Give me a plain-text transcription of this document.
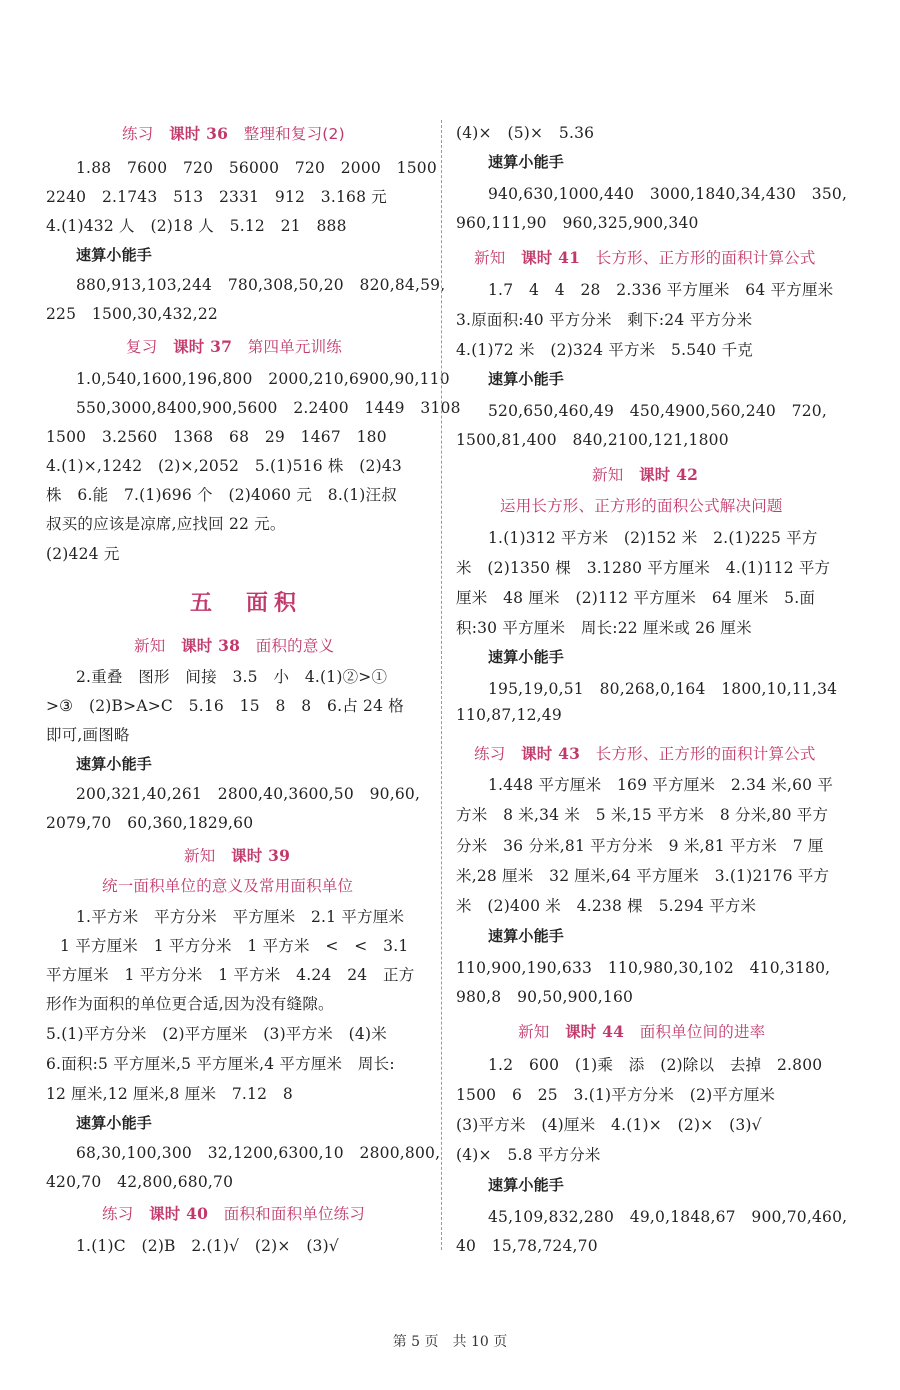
练习　 课时 36　 整理和复习(2)
1.88　7600　720　56000　720　2000　1500
2240　2.1743　513　2331　912　3.168 元
4.(1)432 人　(2)18 人　5.12　21　888
速算小能手
880,913,103,244　780,308,50,20　820,84,59,
225　1500,30,432,22
复习　 课时 37　 第四单元训练
1.0,540,1600,196,800　2000,210,6900,90,110
550,3000,8400,900,5600　2.2400　1449　3108
1500　3.2560　1368　68　29　1467　180
4.(1)×,1242　(2)×,2052　5.(1)516 株　(2)43
株　6.能　7.(1)696 个　(2)4060 元　8.(1)汪叔
叔买的应该是凉席,应找回 22 元。
(2)424 元
五　面积
新知　 课时 38　 面积的意义
2.重叠　图形　间接　3.5　小　4.(1)②>①
>③　(2)B>A>C　5.16　15　8　8　6.占 24 格
即可,画图略
速算小能手
200,321,40,261　2800,40,3600,50　90,60,
2079,70　60,360,1829,60
新知　 课时 39
统一面积单位的意义及常用面积单位
1.平方米　平方分米　平方厘米　2.1 平方厘米
1 平方厘米　1 平方分米　1 平方米　<　<　3.1
平方厘米　1 平方分米　1 平方米　4.24　24　正方
形作为面积的单位更合适,因为没有缝隙。
5.(1)平方分米　(2)平方厘米　(3)平方米　(4)米
6.面积:5 平方厘米,5 平方厘米,4 平方厘米　周长:
12 厘米,12 厘米,8 厘米　7.12　8
速算小能手
68,30,100,300　32,1200,6300,10　2800,800,
420,70　42,800,680,70
练习　 课时 40　 面积和面积单位练习
1.(1)C　(2)B　2.(1)√　(2)×　(3)√
(4)×　(5)×　5.36
速算小能手
940,630,1000,440　3000,1840,34,430　350,
960,111,90　960,325,900,340
新知　 课时 41　 长方形、正方形的面积计算公式
1.7　4　4　28　2.336 平方厘米　64 平方厘米
3.原面积:40 平方分米　剩下:24 平方分米
4.(1)72 米　(2)324 平方米　5.540 千克
速算小能手
520,650,460,49　450,4900,560,240　720,
1500,81,400　840,2100,121,1800
新知　 课时 42
运用长方形、正方形的面积公式解决问题
1.(1)312 平方米　(2)152 米　2.(1)225 平方
米　(2)1350 棵　3.1280 平方厘米　4.(1)112 平方
厘米　48 厘米　(2)112 平方厘米　64 厘米　5.面
积:30 平方厘米　周长:22 厘米或 26 厘米
速算小能手
195,19,0,51　80,268,0,164　1800,10,11,34
110,87,12,49
练习　 课时 43　 长方形、正方形的面积计算公式
1.448 平方厘米　169 平方厘米　2.34 米,60 平
方米　8 米,34 米　5 米,15 平方米　8 分米,80 平方
分米　36 分米,81 平方分米　9 米,81 平方米　7 厘
米,28 厘米　32 厘米,64 平方厘米　3.(1)2176 平方
米　(2)400 米　4.238 棵　5.294 平方米
速算小能手
110,900,190,633　110,980,30,102　410,3180,
980,8　90,50,900,160
新知　 课时 44　 面积单位间的进率
1.2　600　(1)乘　添　(2)除以　去掉　2.800
1500　6　25　3.(1)平方分米　(2)平方厘米
(3)平方米　(4)厘米　4.(1)×　(2)×　(3)√
(4)×　5.8 平方分米
速算小能手
45,109,832,280　49,0,1848,67　900,70,460,
40　15,78,724,70
第 5 页　共 10 页
